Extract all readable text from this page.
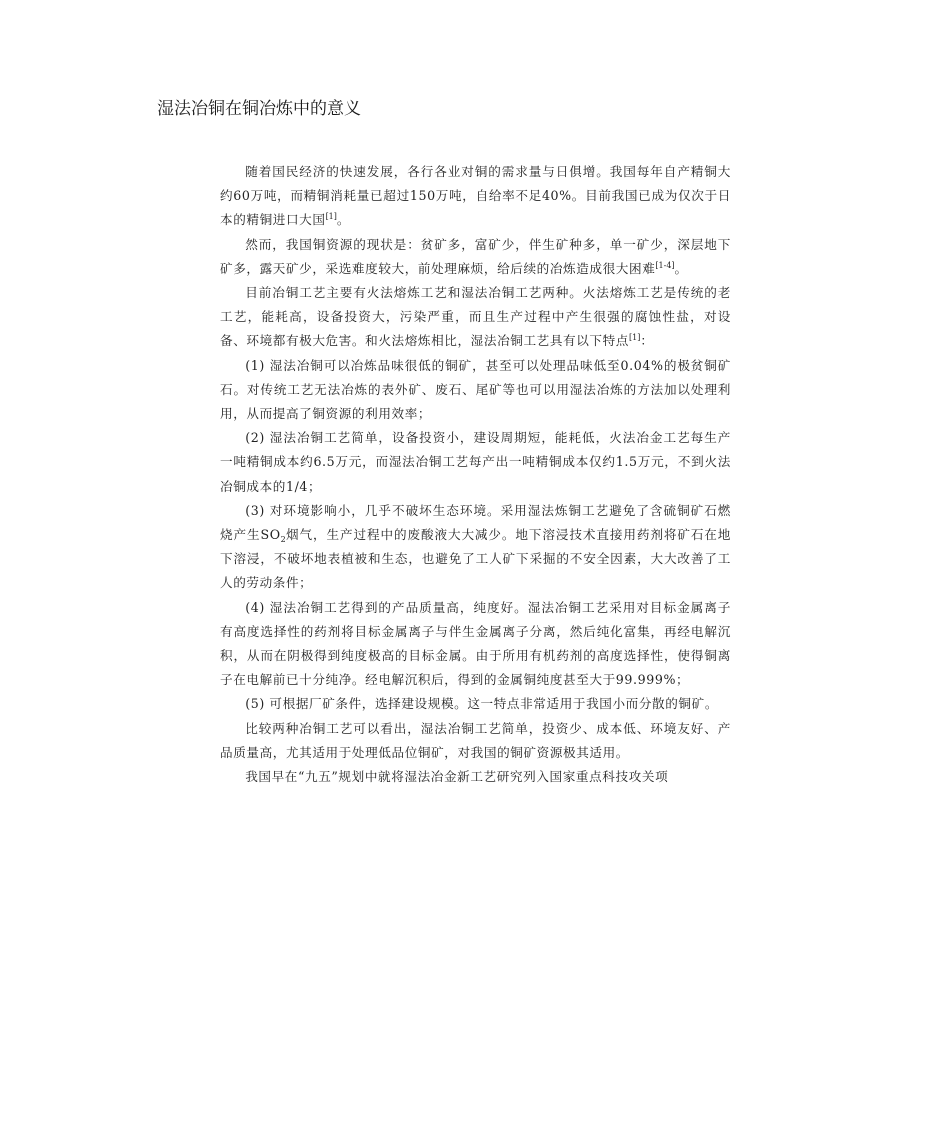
湿法冶铜在铜冶炼中的意义

随着国民经济的快速发展，各行各业对铜的需求量与日俱增。我国每年自产精铜大约60万吨，而精铜消耗量已超过150万吨，自给率不足40%。目前我国已成为仅次于日本的精铜进口大国[1]。

然而，我国铜资源的现状是：贫矿多，富矿少，伴生矿种多，单一矿少，深层地下矿多，露天矿少，采选难度较大，前处理麻烦，给后续的冶炼造成很大困难[1-4]。

目前冶铜工艺主要有火法熔炼工艺和湿法冶铜工艺两种。火法熔炼工艺是传统的老工艺，能耗高，设备投资大，污染严重，而且生产过程中产生很强的腐蚀性盐，对设备、环境都有极大危害。和火法熔炼相比，湿法冶铜工艺具有以下特点[1]：

(1) 湿法冶铜可以冶炼品味很低的铜矿，甚至可以处理品味低至0.04%的极贫铜矿石。对传统工艺无法冶炼的表外矿、废石、尾矿等也可以用湿法冶炼的方法加以处理利用，从而提高了铜资源的利用效率；

(2) 湿法冶铜工艺简单，设备投资小，建设周期短，能耗低，火法冶金工艺每生产一吨精铜成本约6.5万元，而湿法冶铜工艺每产出一吨精铜成本仅约1.5万元，不到火法冶铜成本的1/4；

(3) 对环境影响小，几乎不破坏生态环境。采用湿法炼铜工艺避免了含硫铜矿石燃烧产生$SO_2$烟气，生产过程中的废酸液大大减少。地下溶浸技术直接用药剂将矿石在地下溶浸，不破坏地表植被和生态，也避免了工人矿下采掘的不安全因素，大大改善了工人的劳动条件；

(4) 湿法冶铜工艺得到的产品质量高，纯度好。湿法冶铜工艺采用对目标金属离子有高度选择性的药剂将目标金属离子与伴生金属离子分离，然后纯化富集，再经电解沉积，从而在阴极得到纯度极高的目标金属。由于所用有机药剂的高度选择性，使得铜离子在电解前已十分纯净。经电解沉积后，得到的金属铜纯度甚至大于99.999%；

(5) 可根据厂矿条件，选择建设规模。这一特点非常适用于我国小而分散的铜矿。

比较两种冶铜工艺可以看出，湿法冶铜工艺简单，投资少、成本低、环境友好、产品质量高，尤其适用于处理低品位铜矿，对我国的铜矿资源极其适用。

我国早在“九五”规划中就将湿法冶金新工艺研究列入国家重点科技攻关项
